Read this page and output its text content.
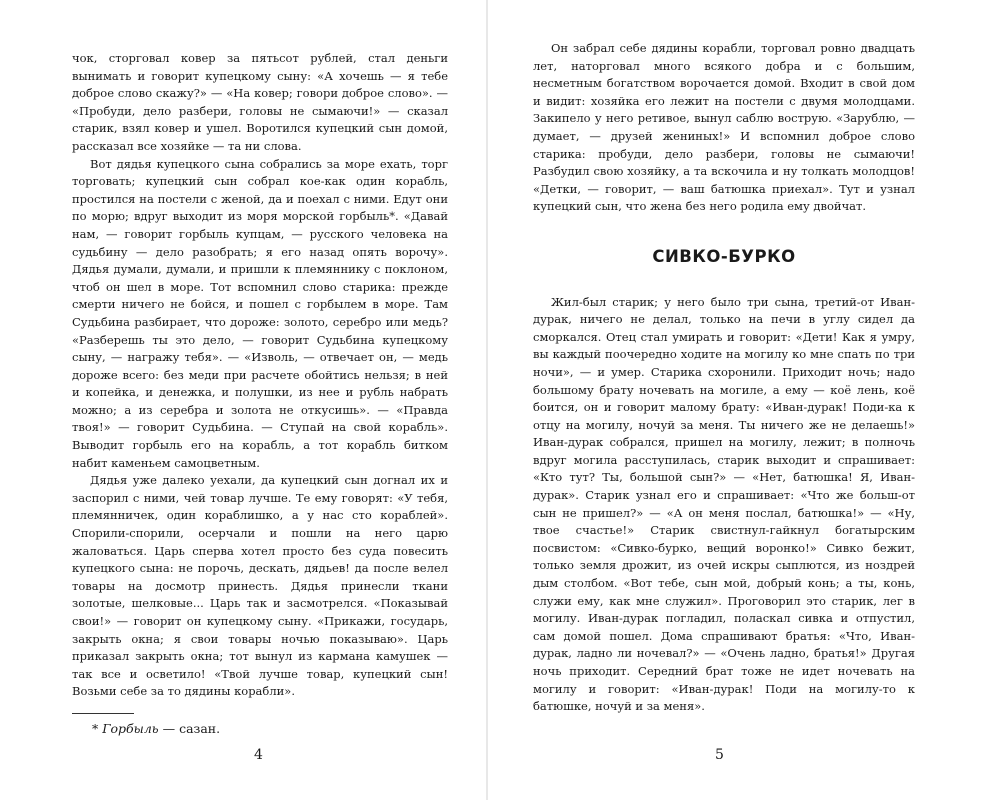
чок, сторговал ковер за пятьсот рублей, стал деньги вынимать и говорит купецкому сыну: «А хочешь — я тебе доброе слово скажу?» — «На ковер; говори доброе слово». — «Пробуди, дело разбери, головы не сымаючи!» — сказал старик, взял ковер и ушел. Воротился купецкий сын домой, рассказал все хозяйке — та ни слова.

Вот дядья купецкого сына собрались за море ехать, торг торговать; купецкий сын собрал кое-как один корабль, простился на постели с женой, да и поехал с ними. Едут они по морю; вдруг выходит из моря морской горбыль*. «Давай нам, — говорит горбыль купцам, — русского человека на судьбину — дело разобрать; я его назад опять ворочу». Дядья думали, думали, и пришли к племяннику с поклоном, чтоб он шел в море. Тот вспомнил слово старика: прежде смерти ничего не бойся, и пошел с горбылем в море. Там Судьбина разбирает, что дороже: золото, серебро или медь? «Разберешь ты это дело, — говорит Судьбина купецкому сыну, — награжу тебя». — «Изволь, — отвечает он, — медь дороже всего: без меди при расчете обойтись нельзя; в ней и копейка, и денежка, и полушки, из нее и рубль набрать можно; а из серебра и золота не откусишь». — «Правда твоя!» — говорит Судьбина. — Ступай на свой корабль». Выводит горбыль его на корабль, а тот корабль битком набит каменьем самоцветным.

Дядья уже далеко уехали, да купецкий сын догнал их и заспорил с ними, чей товар лучше. Те ему говорят: «У тебя, племянничек, один кораблишко, а у нас сто кораблей». Спорили-спорили, осерчали и пошли на него царю жаловаться. Царь сперва хотел просто без суда повесить купецкого сына: не порочь, дескать, дядьев! да после велел товары на досмотр принесть. Дядья принесли ткани золотые, шелковые... Царь так и засмотрелся. «Показывай свои!» — говорит он купецкому сыну. «Прикажи, государь, закрыть окна; я свои товары ночью показываю». Царь приказал закрыть окна; тот вынул из кармана камушек — так все и осветило! «Твой лучше товар, купецкий сын! Возьми себе за то дядины корабли».

* Горбыль — сазан.
4

Он забрал себе дядины корабли, торговал ровно двадцать лет, наторговал много всякого добра и с большим, несметным богатством ворочается домой. Входит в свой дом и видит: хозяйка его лежит на постели с двумя молодцами. Закипело у него ретивое, вынул саблю вострую. «Зарублю, — думает, — друзей жениных!» И вспомнил доброе слово старика: пробуди, дело разбери, головы не сымаючи! Разбудил свою хозяйку, а та вскочила и ну толкать молодцов! «Детки, — говорит, — ваш батюшка приехал». Тут и узнал купецкий сын, что жена без него родила ему двойчат.

СИВКО-БУРКО

Жил-был старик; у него было три сына, третий-от Иван-дурак, ничего не делал, только на печи в углу сидел да сморкался. Отец стал умирать и говорит: «Дети! Как я умру, вы каждый поочередно ходите на могилу ко мне спать по три ночи», — и умер. Старика схоронили. Приходит ночь; надо большому брату ночевать на могиле, а ему — коё лень, коё боится, он и говорит малому брату: «Иван-дурак! Поди-ка к отцу на могилу, ночуй за меня. Ты ничего же не делаешь!» Иван-дурак собрался, пришел на могилу, лежит; в полночь вдруг могила расступилась, старик выходит и спрашивает: «Кто тут? Ты, большой сын?» — «Нет, батюшка! Я, Иван-дурак». Старик узнал его и спрашивает: «Что же больш-от сын не пришел?» — «А он меня послал, батюшка!» — «Ну, твое счастье!» Старик свистнул-гайкнул богатырским посвистом: «Сивко-бурко, вещий воронко!» Сивко бежит, только земля дрожит, из очей искры сыплются, из ноздрей дым столбом. «Вот тебе, сын мой, добрый конь; а ты, конь, служи ему, как мне служил». Проговорил это старик, лег в могилу. Иван-дурак погладил, поласкал сивка и отпустил, сам домой пошел. Дома спрашивают братья: «Что, Иван-дурак, ладно ли ночевал?» — «Очень ладно, братья!» Другая ночь приходит. Середний брат тоже не идет ночевать на могилу и говорит: «Иван-дурак! Поди на могилу-то к батюшке, ночуй и за меня».

5
